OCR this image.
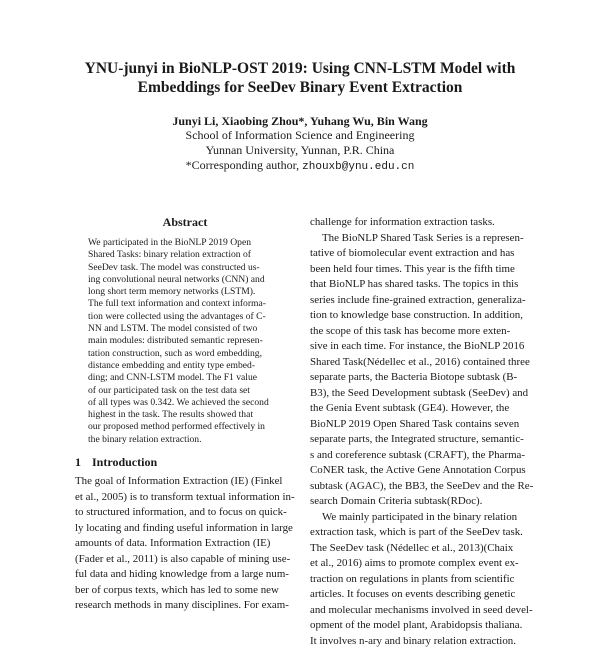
YNU-junyi in BioNLP-OST 2019: Using CNN-LSTM Model with
Embeddings for SeeDev Binary Event Extraction
Junyi Li, Xiaobing Zhou*, Yuhang Wu, Bin Wang
School of Information Science and Engineering
Yunnan University, Yunnan, P.R. China
*Corresponding author, zhouxb@ynu.edu.cn
Abstract
We participated in the BioNLP 2019 Open
Shared Tasks: binary relation extraction of
SeeDev task. The model was constructed us-
ing convolutional neural networks (CNN) and
long short term memory networks (LSTM).
The full text information and context informa-
tion were collected using the advantages of C-
NN and LSTM. The model consisted of two
main modules: distributed semantic represen-
tation construction, such as word embedding,
distance embedding and entity type embed-
ding; and CNN-LSTM model. The F1 value
of our participated task on the test data set
of all types was 0.342. We achieved the second
highest in the task. The results showed that
our proposed method performed effectively in
the binary relation extraction.
1 Introduction
The goal of Information Extraction (IE) (Finkel
et al., 2005) is to transform textual information in-
to structured information, and to focus on quick-
ly locating and finding useful information in large
amounts of data. Information Extraction (IE)
(Fader et al., 2011) is also capable of mining use-
ful data and hiding knowledge from a large num-
ber of corpus texts, which has led to some new
research methods in many disciplines. For exam-
challenge for information extraction tasks.
The BioNLP Shared Task Series is a represen-
tative of biomolecular event extraction and has
been held four times. This year is the fifth time
that BioNLP has shared tasks. The topics in this
series include fine-grained extraction, generaliza-
tion to knowledge base construction. In addition,
the scope of this task has become more exten-
sive in each time. For instance, the BioNLP 2016
Shared Task(Nédellec et al., 2016) contained three
separate parts, the Bacteria Biotope subtask (B-
B3), the Seed Development subtask (SeeDev) and
the Genia Event subtask (GE4). However, the
BioNLP 2019 Open Shared Task contains seven
separate parts, the Integrated structure, semantic-
s and coreference subtask (CRAFT), the Pharma-
CoNER task, the Active Gene Annotation Corpus
subtask (AGAC), the BB3, the SeeDev and the Re-
search Domain Criteria subtask(RDoc).
We mainly participated in the binary relation
extraction task, which is part of the SeeDev task.
The SeeDev task (Nédellec et al., 2013)(Chaix
et al., 2016) aims to promote complex event ex-
traction on regulations in plants from scientific
articles. It focuses on events describing genetic
and molecular mechanisms involved in seed devel-
opment of the model plant, Arabidopsis thaliana.
It involves n-ary and binary relation extraction.
